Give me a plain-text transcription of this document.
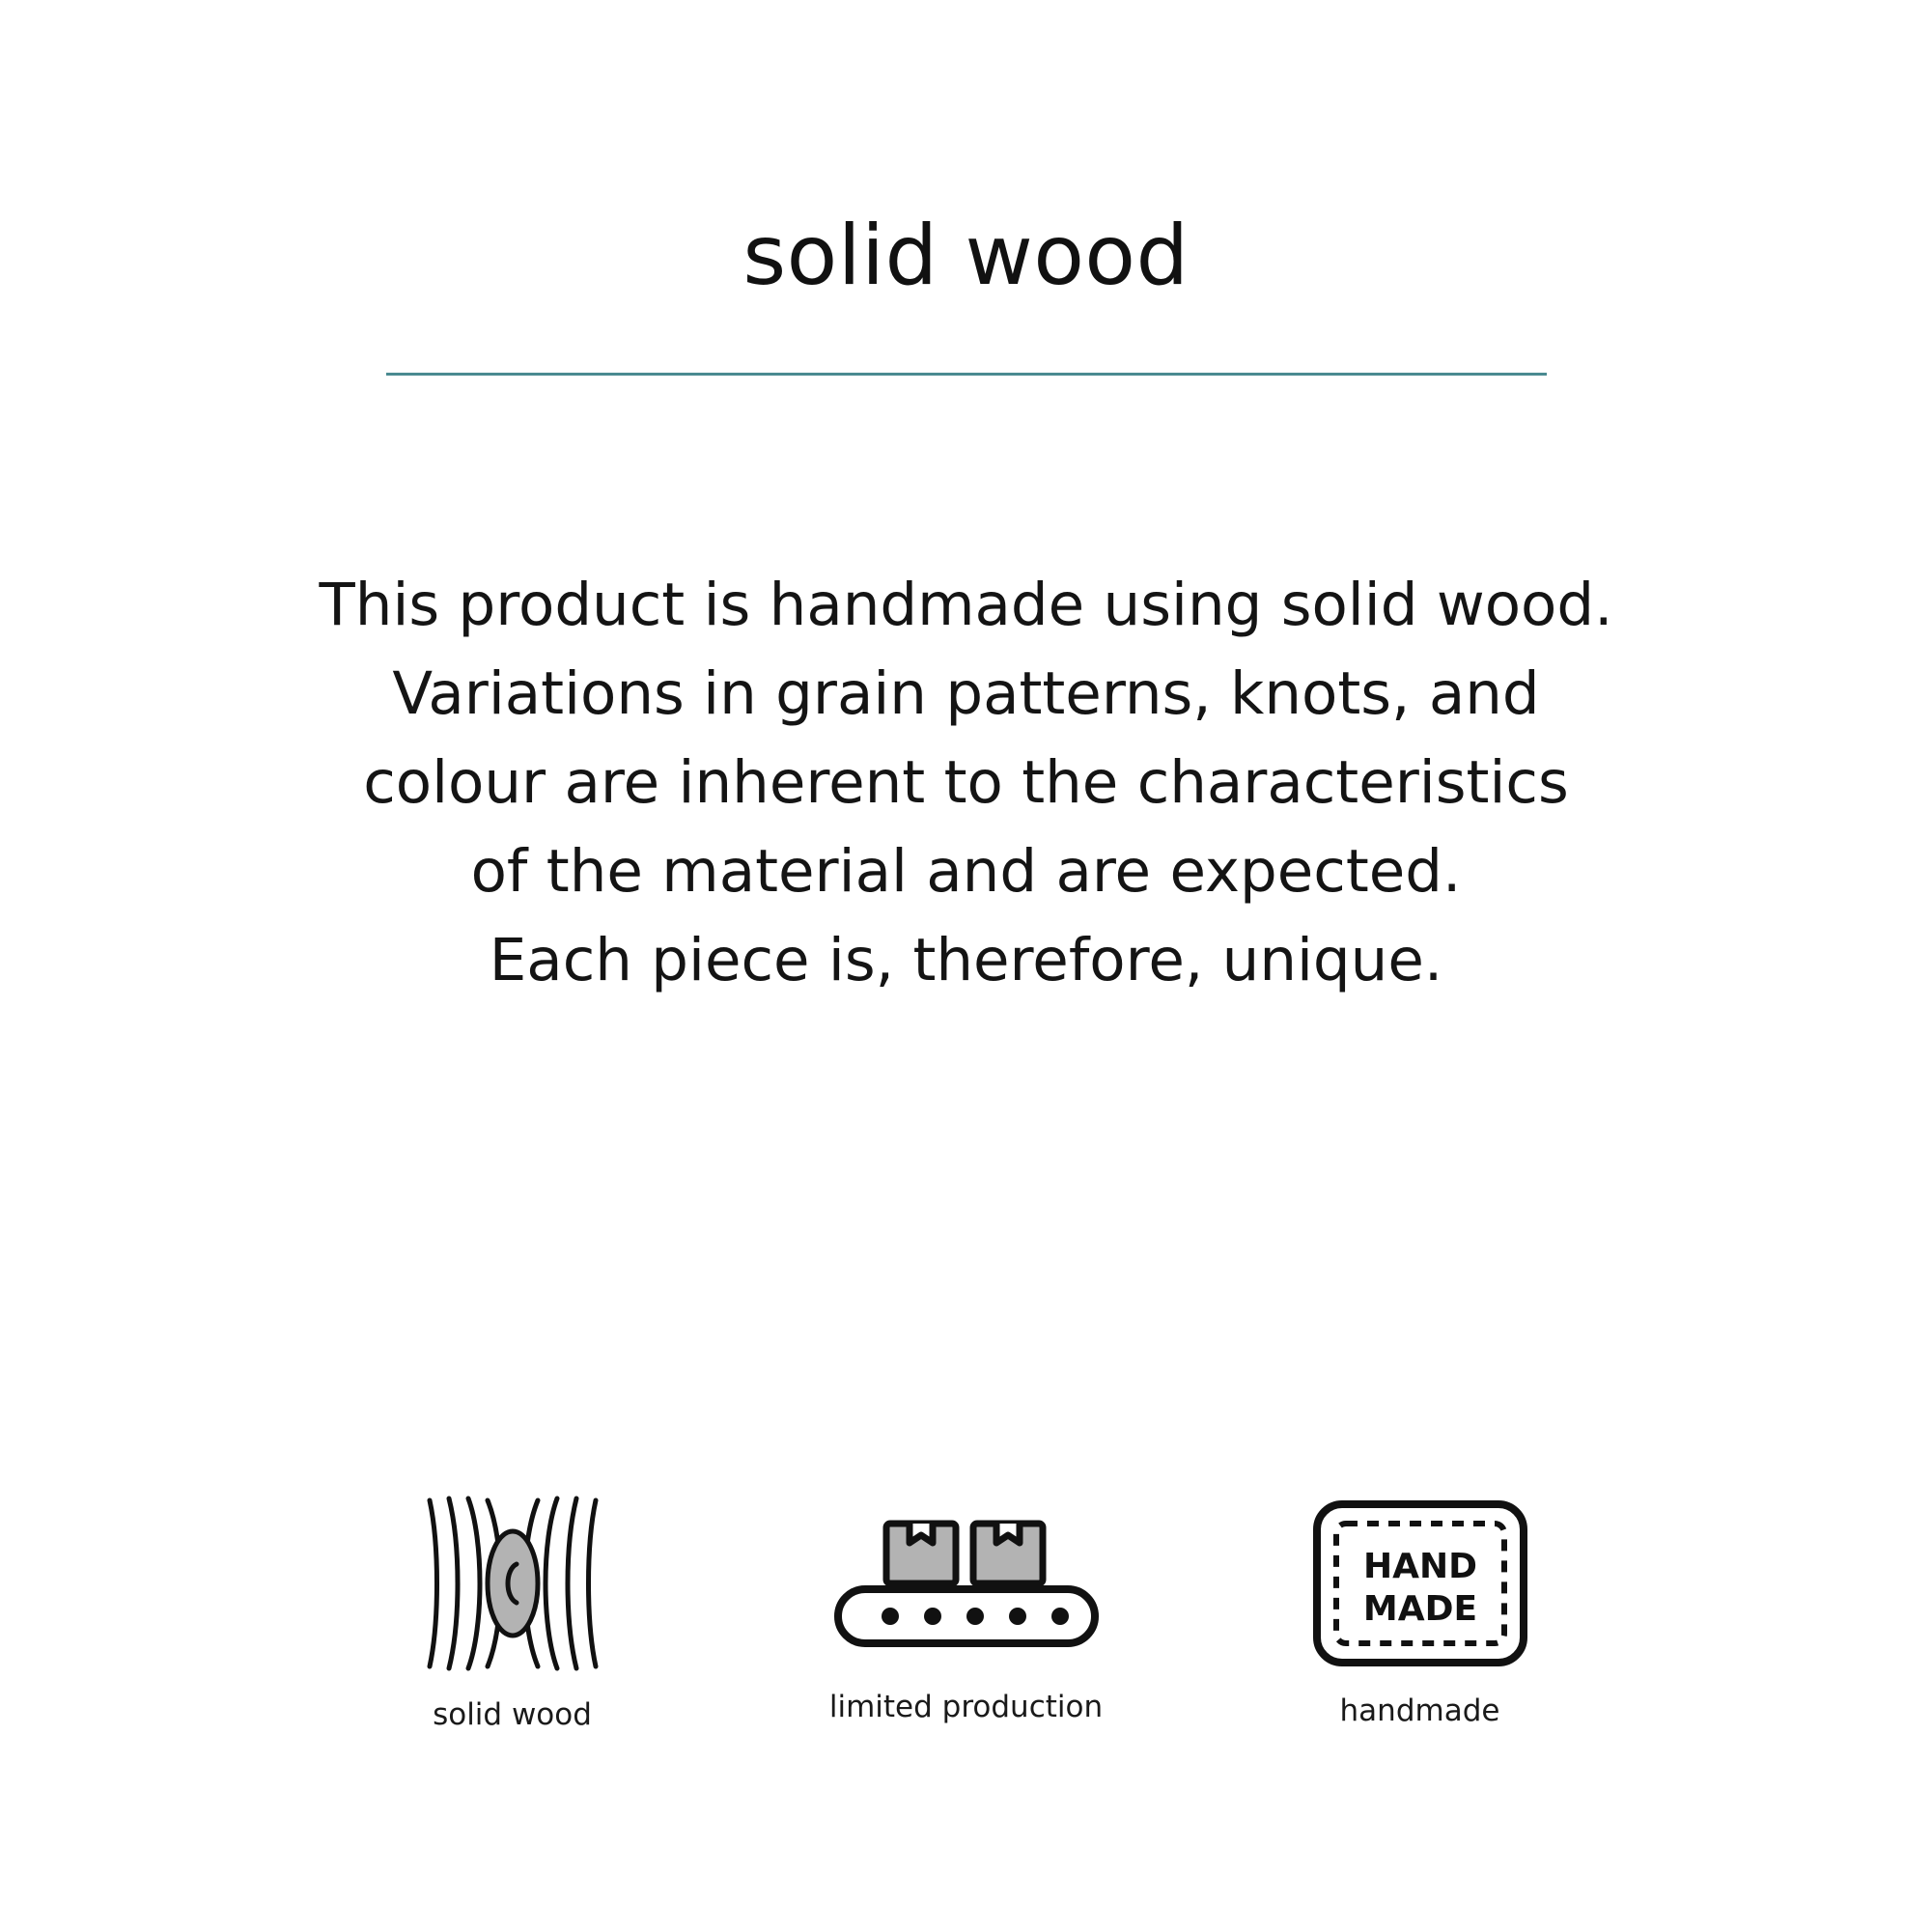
solid wood
This product is handmade using solid wood.
Variations in grain patterns, knots, and
colour are inherent to the characteristics
of the material and are expected.
Each piece is, therefore, unique.
solid wood	limited production
HAND
MADE
handmade
